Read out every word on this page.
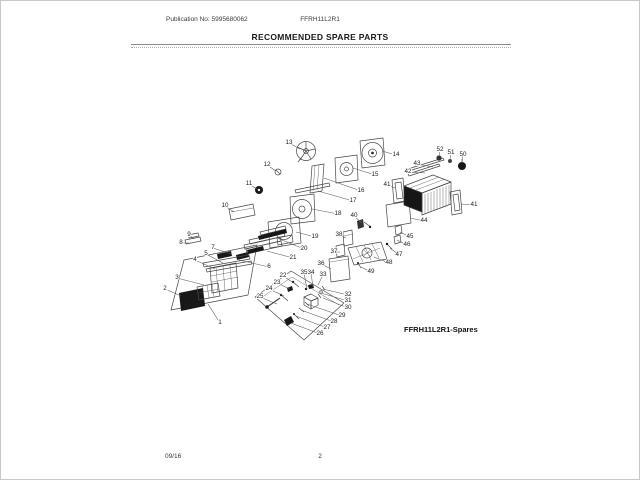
Publication No: 5995680062	FFRH11L2R1
RECOMMENDED SPARE PARTS
1
2
3
4
5
6
7
8
9
10
11
12
13
14
15
16
17
18
19
20
21
22
23
24
25
26
27
28
29
30
31
32
33
34
35
36
37
38
40
41
41
42
43
44
45
46
47
48
49
50
51
52
FFRH11L2R1-Spares
09/16	2
